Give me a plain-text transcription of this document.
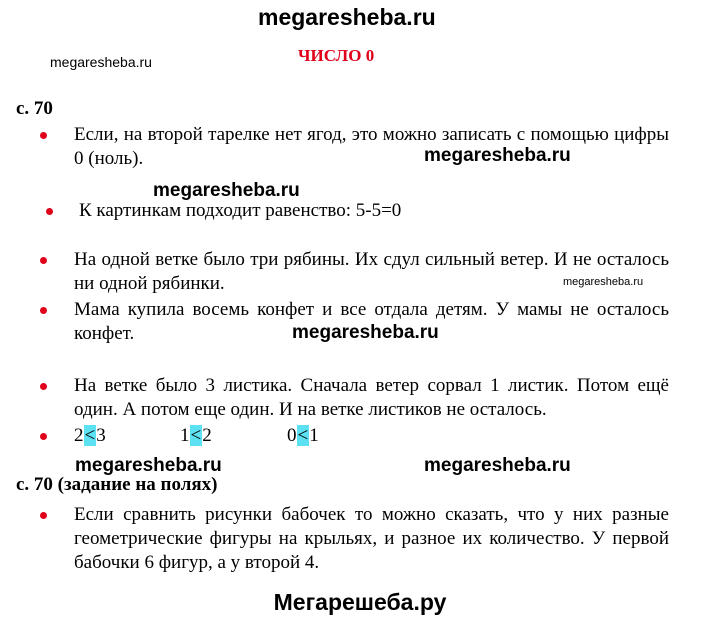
megaresheba.ru
megaresheba.ru	ЧИСЛО 0
с. 70
Если, на второй тарелке нет ягод, это можно записать с помощью цифры 0 (ноль).	megaresheba.ru
megaresheba.ru
К картинкам подходит равенство: 5-5=0
На одной ветке было три рябины. Их сдул сильный ветер. И не осталось ни одной рябинки.	megaresheba.ru
Мама купила восемь конфет и все отдала детям. У мамы не осталось конфет.	megaresheba.ru
На ветке было 3 листика. Сначала ветер сорвал 1 листик. Потом ещё один. А потом еще один. И на ветке листиков не осталось.
2<3	1<2	0<1
megaresheba.ru	megaresheba.ru
с. 70 (задание на полях)
Если сравнить рисунки бабочек то можно сказать, что у них разные геометрические фигуры на крыльях, и разное их количество. У первой бабочки 6 фигур, а у второй 4.
Мегарешеба.ру
